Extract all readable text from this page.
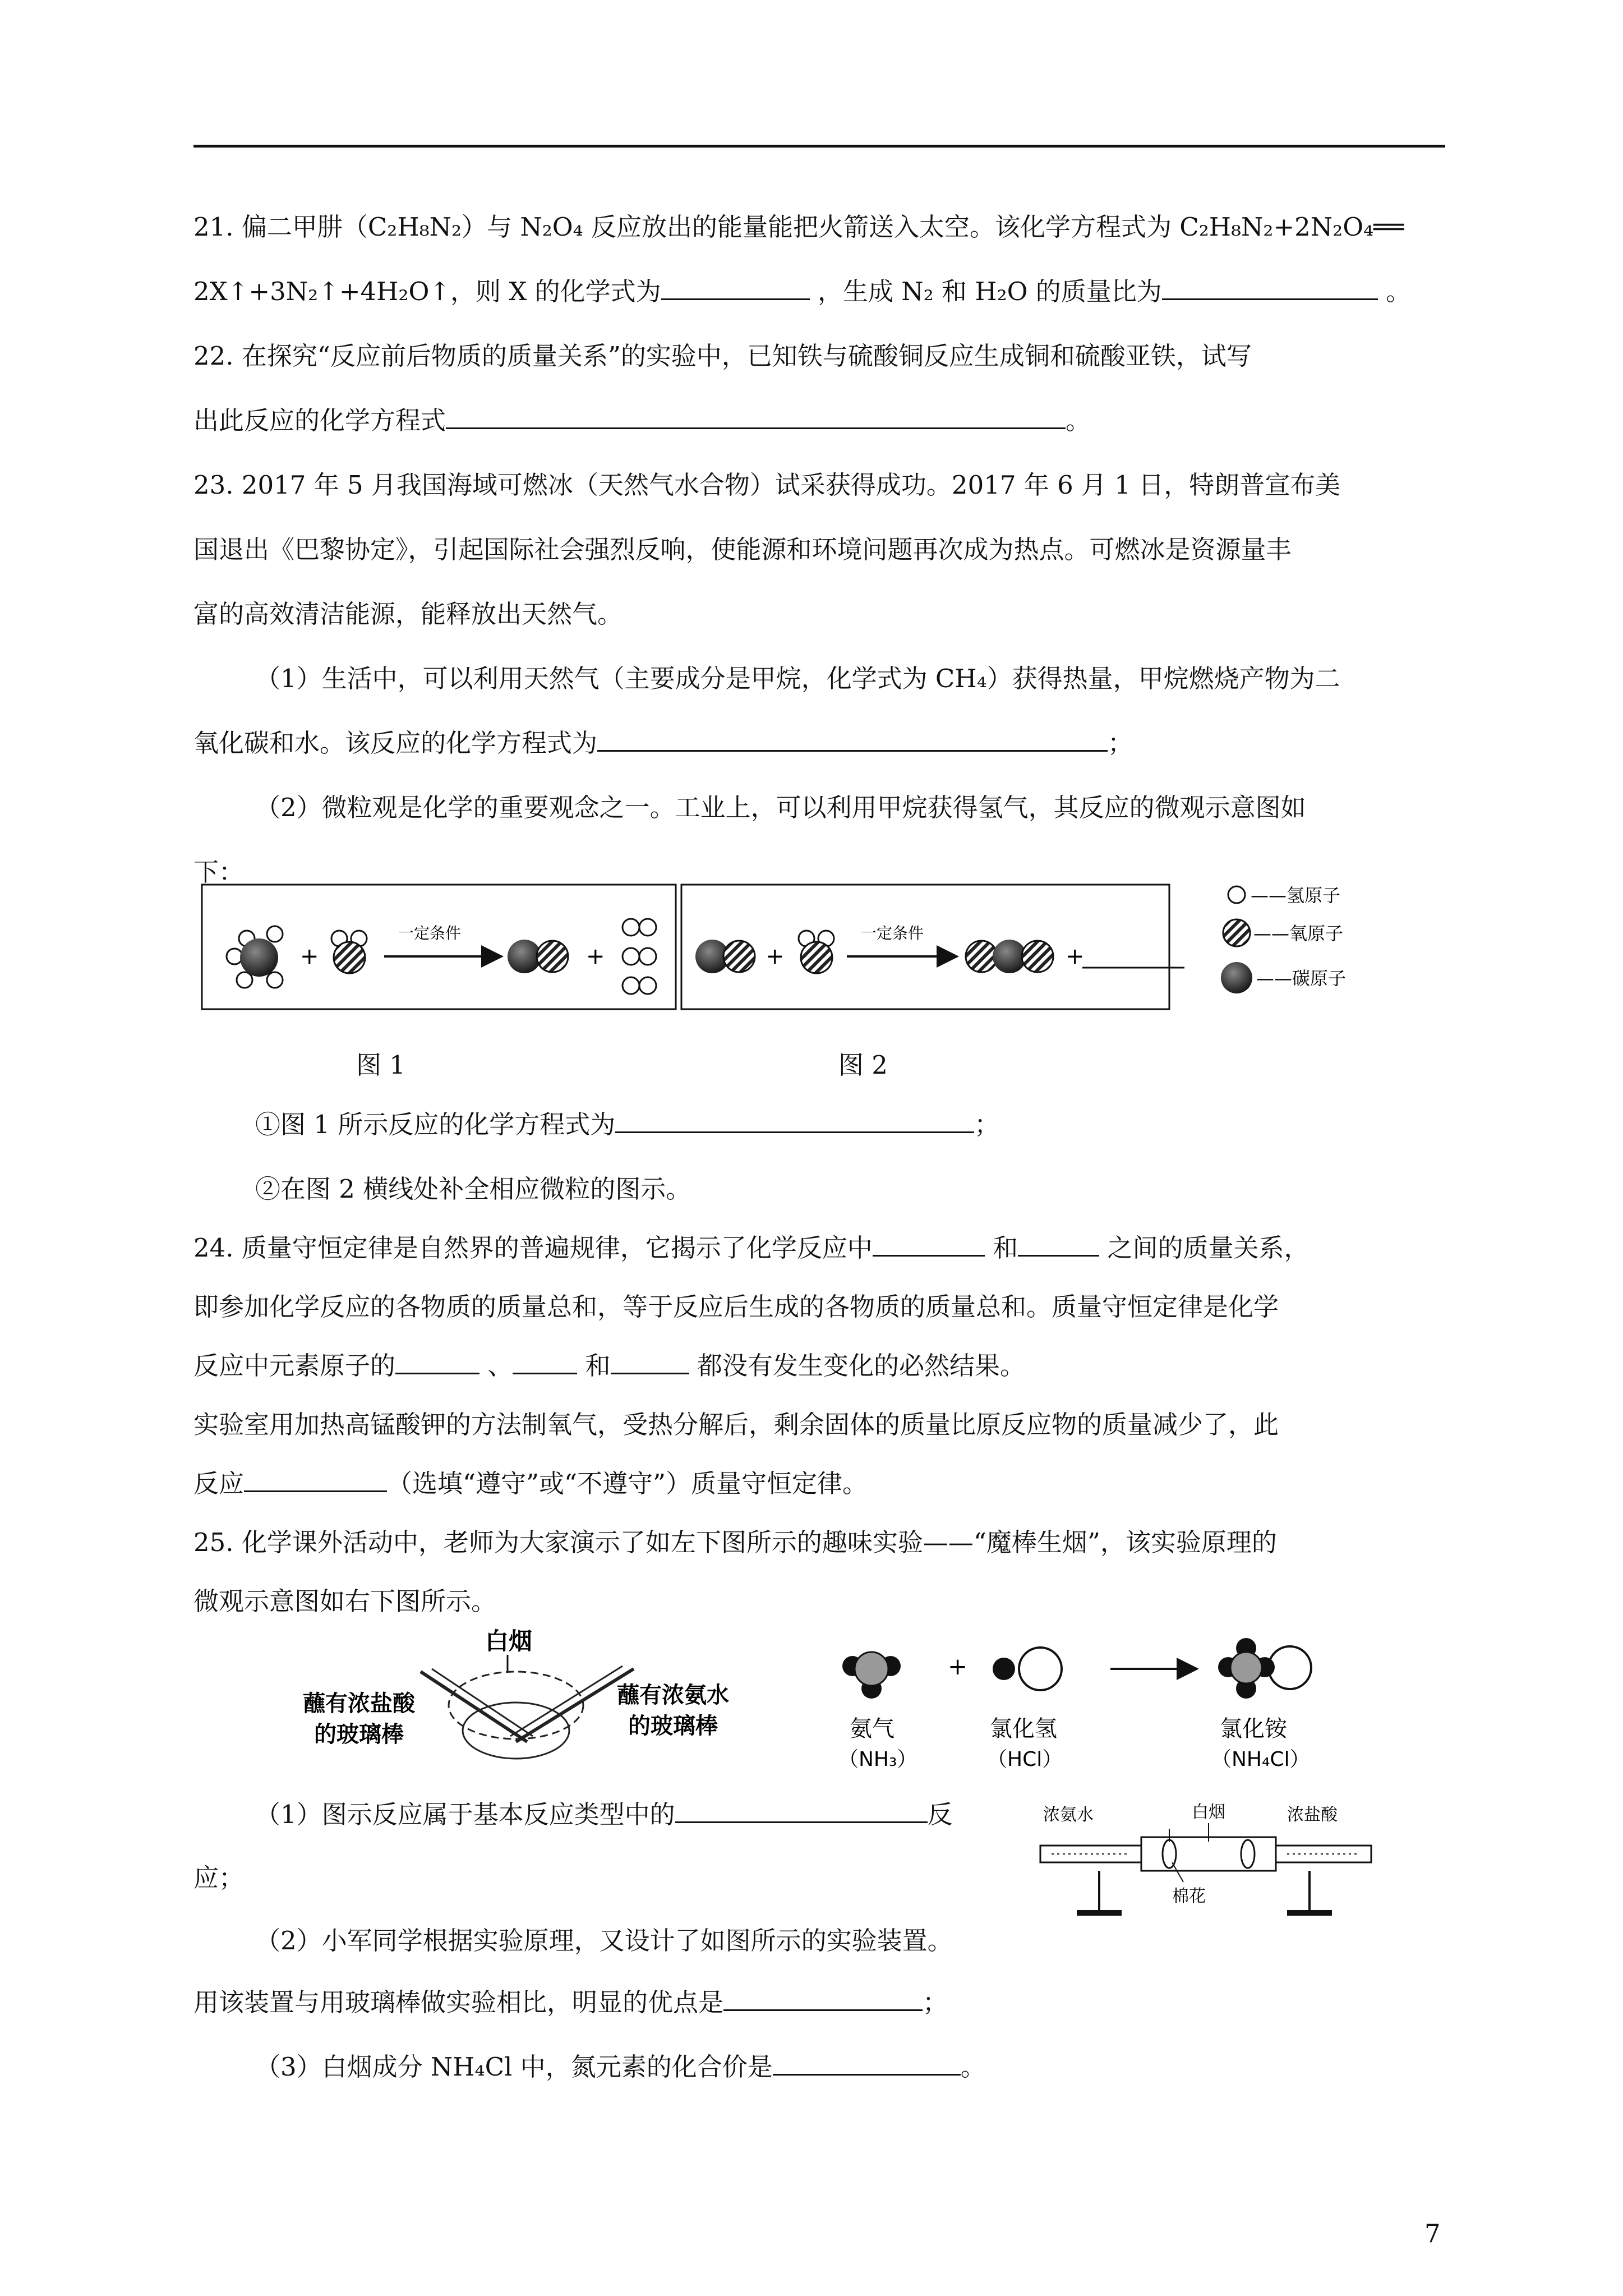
21. 偏二甲肼（C₂H₈N₂）与 N₂O₄ 反应放出的能量能把火箭送入太空。该化学方程式为 C₂H₈N₂+2N₂O₄══
2X↑+3N₂↑+4H₂O↑，则 X 的化学式为	，生成 N₂ 和 H₂O 的质量比为	。
22. 在探究“反应前后物质的质量关系”的实验中，已知铁与硫酸铜反应生成铜和硫酸亚铁，试写
出此反应的化学方程式	。
23. 2017 年 5 月我国海域可燃冰（天然气水合物）试采获得成功。2017 年 6 月 1 日，特朗普宣布美
国退出《巴黎协定》，引起国际社会强烈反响，使能源和环境问题再次成为热点。可燃冰是资源量丰
富的高效清洁能源，能释放出天然气。
（1）生活中，可以利用天然气（主要成分是甲烷，化学式为 CH₄）获得热量，甲烷燃烧产物为二
氧化碳和水。该反应的化学方程式为	；
（2）微粒观是化学的重要观念之一。工业上，可以利用甲烷获得氢气，其反应的微观示意图如
下：
+
一定条件
+	+
一定条件
+
——氢原子
——氧原子
——碳原子
图 1	图 2
①图 1 所示反应的化学方程式为	；
②在图 2 横线处补全相应微粒的图示。
24. 质量守恒定律是自然界的普遍规律，它揭示了化学反应中	和	之间的质量关系，
即参加化学反应的各物质的质量总和，等于反应后生成的各物质的质量总和。质量守恒定律是化学
反应中元素原子的	、	和	都没有发生变化的必然结果。
实验室用加热高锰酸钾的方法制氧气，受热分解后，剩余固体的质量比原反应物的质量减少了，此
反应	（选填“遵守”或“不遵守”）质量守恒定律。
25. 化学课外活动中，老师为大家演示了如左下图所示的趣味实验——“魔棒生烟”，该实验原理的
微观示意图如右下图所示。
白烟
蘸有浓盐酸
的玻璃棒
蘸有浓氨水
的玻璃棒
+
氨气
（NH₃）
氯化氢
（HCl）
氯化铵
（NH₄Cl）
（1）图示反应属于基本反应类型中的	反
应；
浓氨水	白烟	浓盐酸
棉花
（2）小军同学根据实验原理，又设计了如图所示的实验装置。
用该装置与用玻璃棒做实验相比，明显的优点是	；
（3）白烟成分 NH₄Cl 中，氮元素的化合价是	。
7
